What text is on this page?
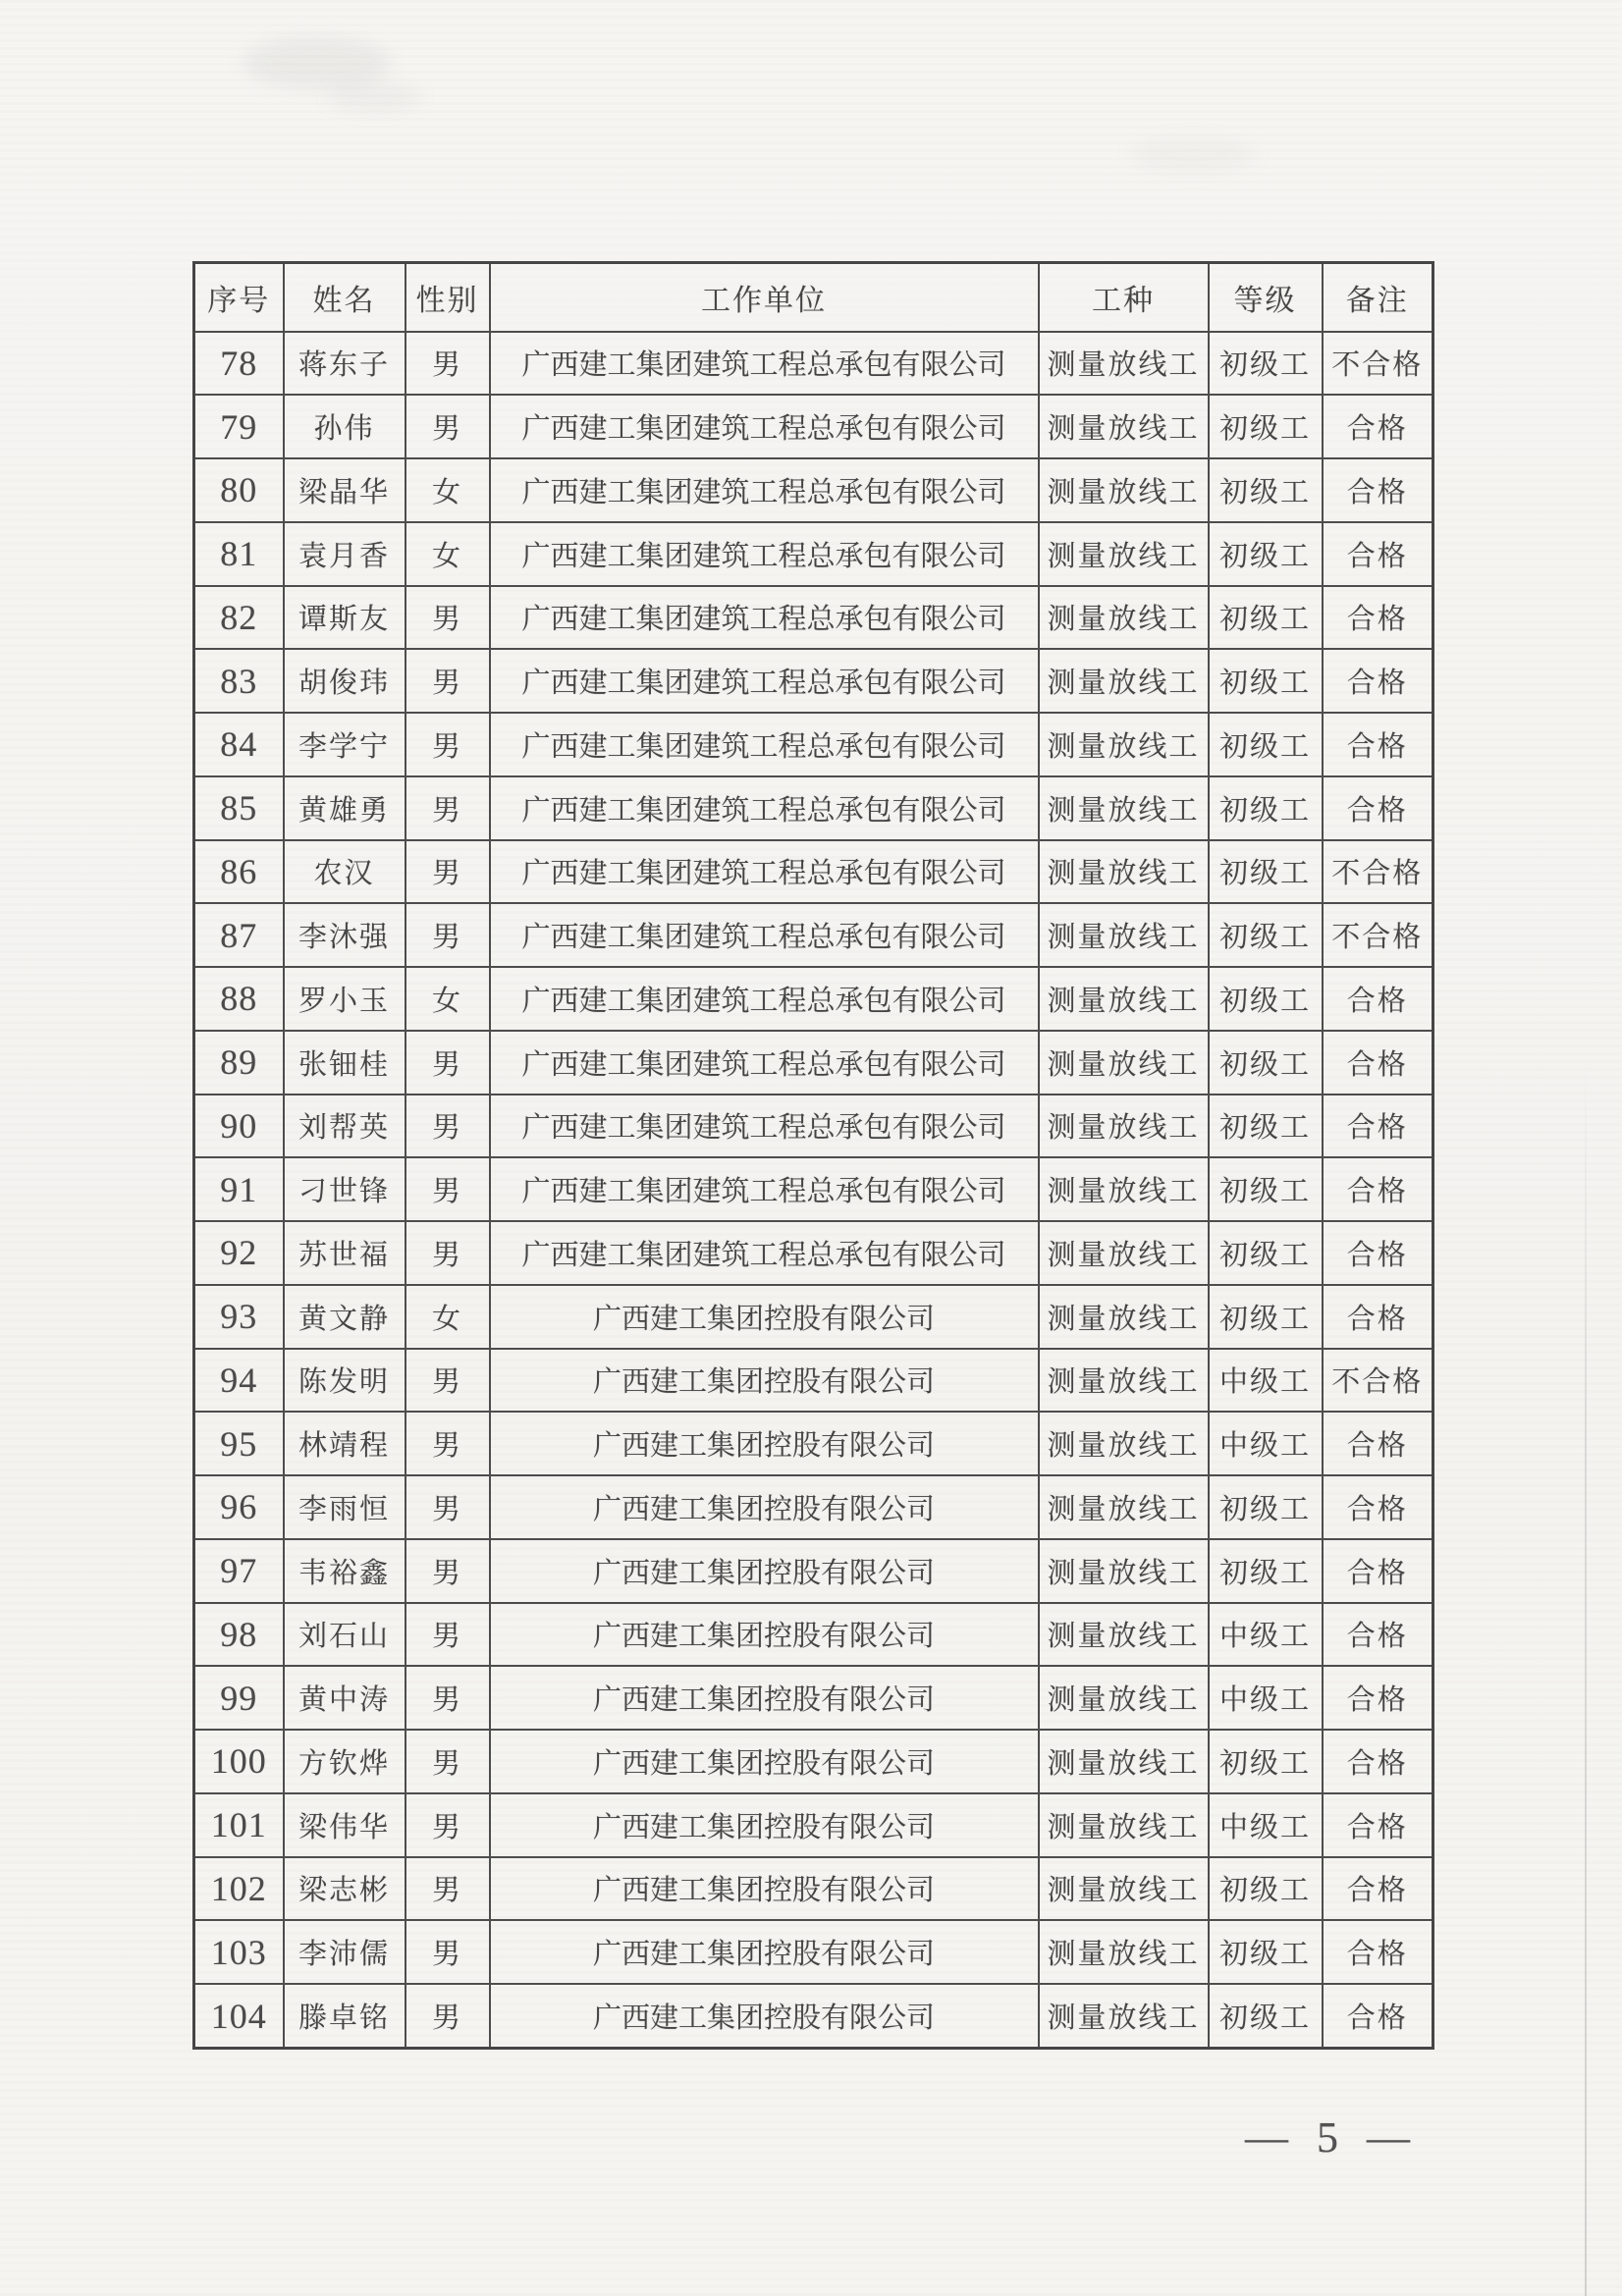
序号	姓名	性别	工作单位	工种	等级	备注
78	蒋东子	男	广西建工集团建筑工程总承包有限公司	测量放线工	初级工	不合格
79	孙伟	男	广西建工集团建筑工程总承包有限公司	测量放线工	初级工	合格
80	梁晶华	女	广西建工集团建筑工程总承包有限公司	测量放线工	初级工	合格
81	袁月香	女	广西建工集团建筑工程总承包有限公司	测量放线工	初级工	合格
82	谭斯友	男	广西建工集团建筑工程总承包有限公司	测量放线工	初级工	合格
83	胡俊玮	男	广西建工集团建筑工程总承包有限公司	测量放线工	初级工	合格
84	李学宁	男	广西建工集团建筑工程总承包有限公司	测量放线工	初级工	合格
85	黄雄勇	男	广西建工集团建筑工程总承包有限公司	测量放线工	初级工	合格
86	农汉	男	广西建工集团建筑工程总承包有限公司	测量放线工	初级工	不合格
87	李沐强	男	广西建工集团建筑工程总承包有限公司	测量放线工	初级工	不合格
88	罗小玉	女	广西建工集团建筑工程总承包有限公司	测量放线工	初级工	合格
89	张钿桂	男	广西建工集团建筑工程总承包有限公司	测量放线工	初级工	合格
90	刘帮英	男	广西建工集团建筑工程总承包有限公司	测量放线工	初级工	合格
91	刁世锋	男	广西建工集团建筑工程总承包有限公司	测量放线工	初级工	合格
92	苏世福	男	广西建工集团建筑工程总承包有限公司	测量放线工	初级工	合格
93	黄文静	女	广西建工集团控股有限公司	测量放线工	初级工	合格
94	陈发明	男	广西建工集团控股有限公司	测量放线工	中级工	不合格
95	林靖程	男	广西建工集团控股有限公司	测量放线工	中级工	合格
96	李雨恒	男	广西建工集团控股有限公司	测量放线工	初级工	合格
97	韦裕鑫	男	广西建工集团控股有限公司	测量放线工	初级工	合格
98	刘石山	男	广西建工集团控股有限公司	测量放线工	中级工	合格
99	黄中涛	男	广西建工集团控股有限公司	测量放线工	中级工	合格
100	方钦烨	男	广西建工集团控股有限公司	测量放线工	初级工	合格
101	梁伟华	男	广西建工集团控股有限公司	测量放线工	中级工	合格
102	梁志彬	男	广西建工集团控股有限公司	测量放线工	初级工	合格
103	李沛儒	男	广西建工集团控股有限公司	测量放线工	初级工	合格
104	滕卓铭	男	广西建工集团控股有限公司	测量放线工	初级工	合格
— 5 —
